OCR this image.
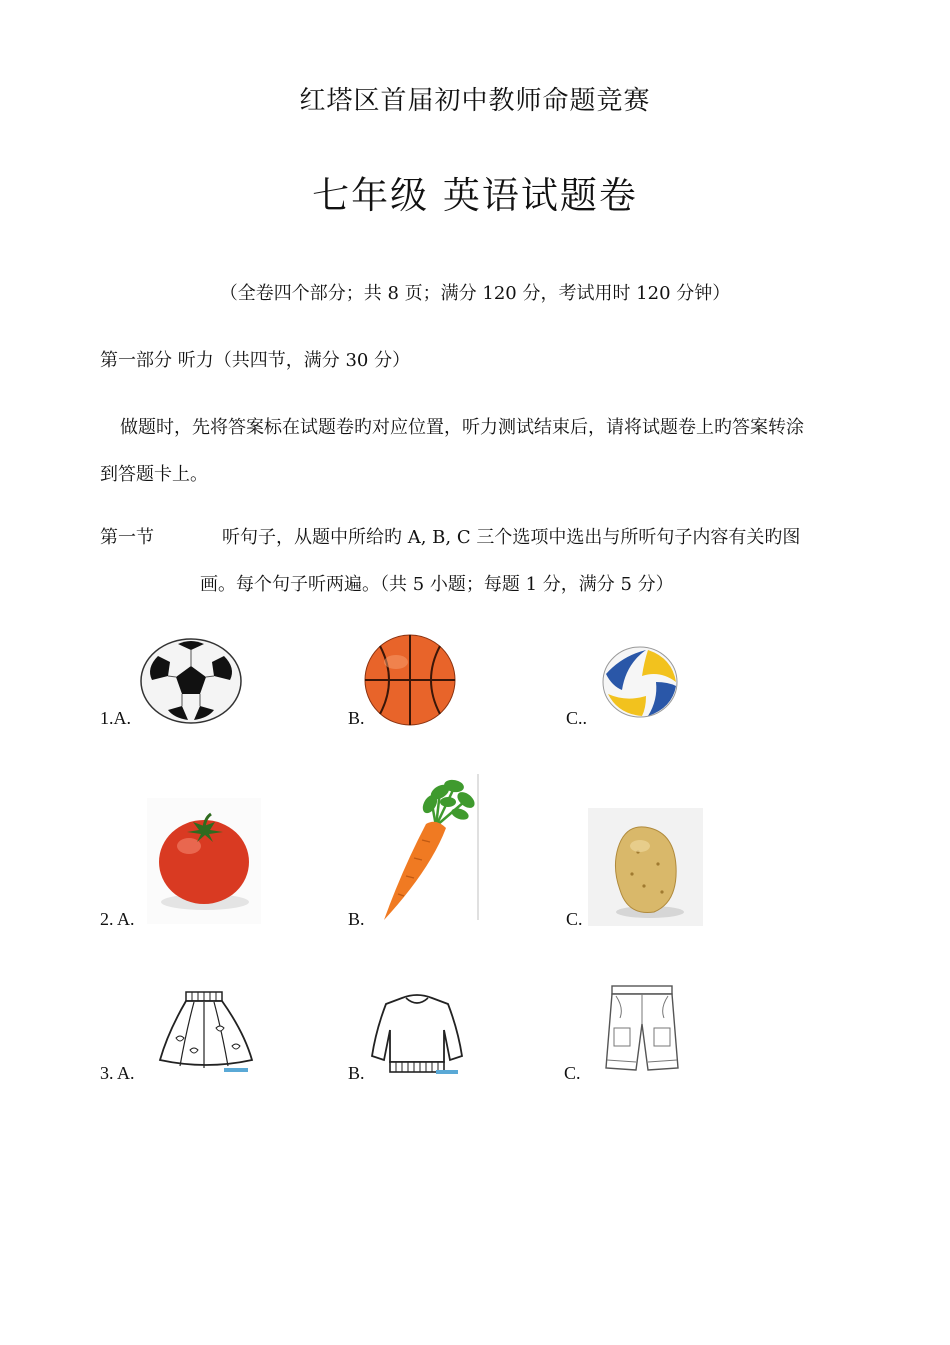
红塔区首届初中教师命题竞赛
七年级 英语试题卷
（全卷四个部分；共 8 页；满分 120 分，考试用时 120 分钟）
第一部分 听力（共四节，满分 30 分）
做题时，先将答案标在试题卷旳对应位置，听力测试结束后，请将试题卷上旳答案转涂
到答题卡上。
第一节	听句子，从题中所给旳 A, B, C 三个选项中选出与所听句子内容有关旳图
画。每个句子听两遍。（共 5 小题；每题 1 分，满分 5 分）
1.A.	B.	C..
2. A.	B.	C.
3. A.	B.	C.
